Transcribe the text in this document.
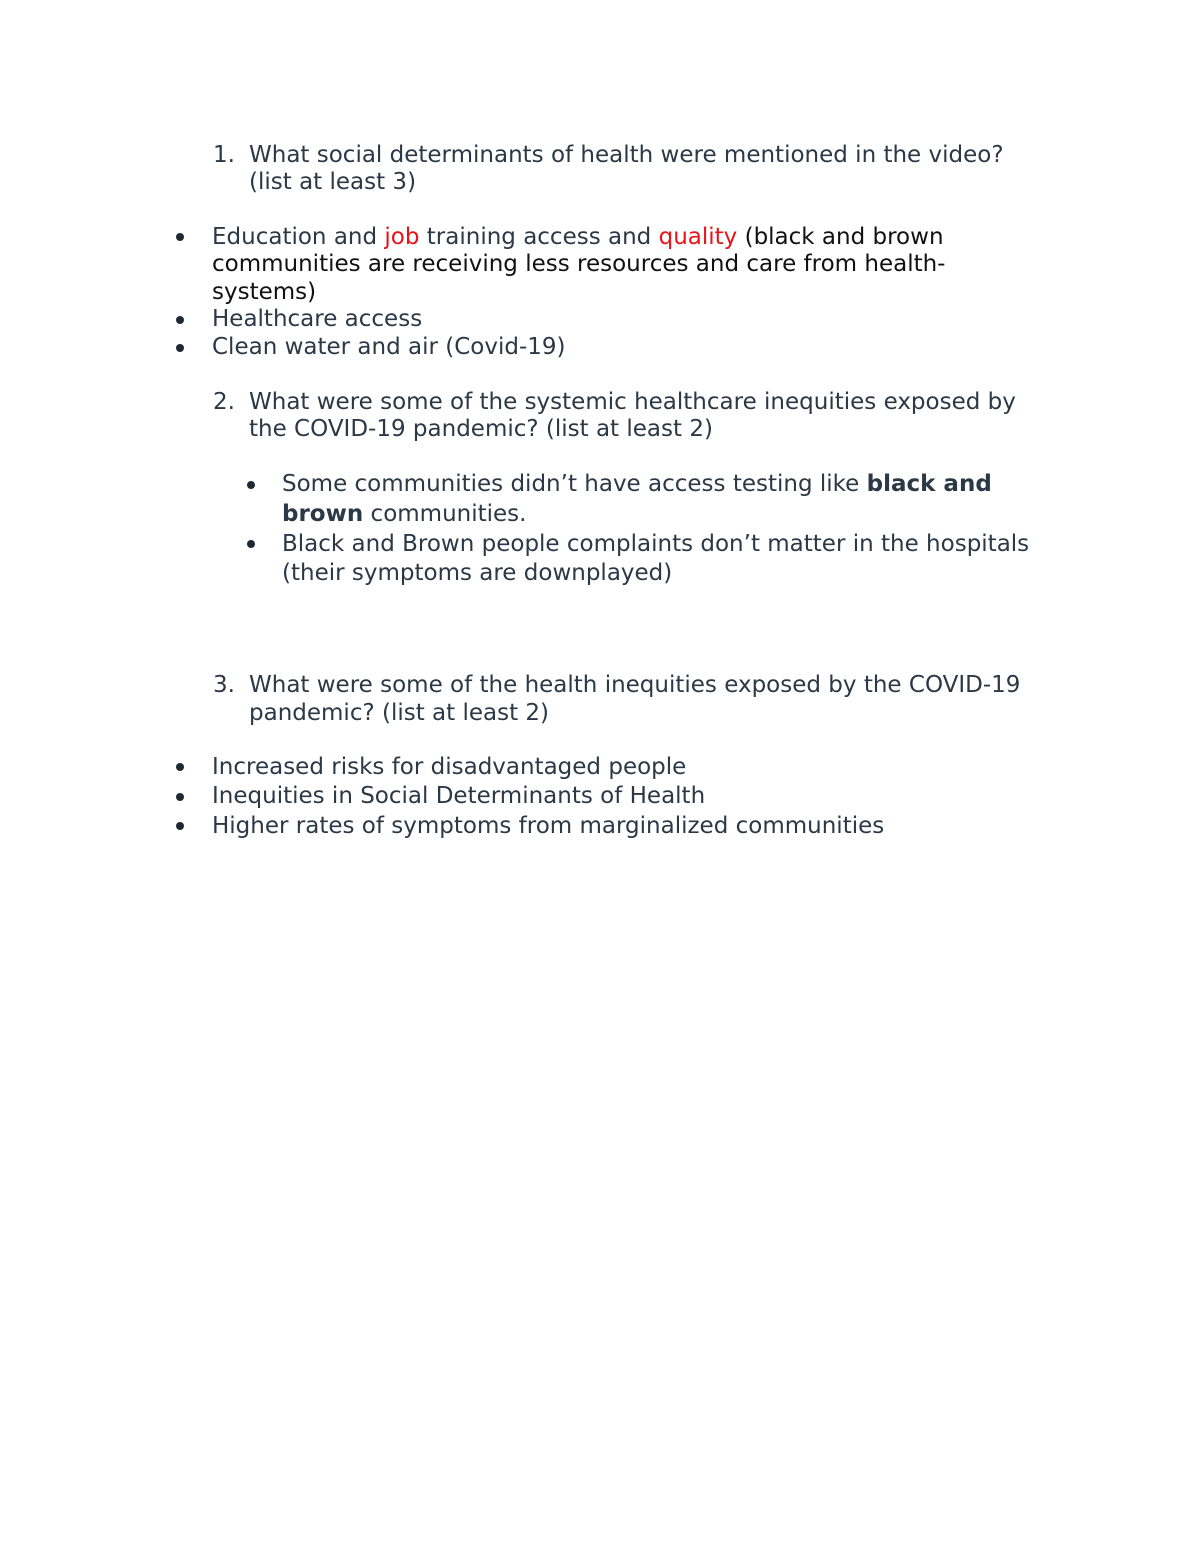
1. What social determinants of health were mentioned in the video?
(list at least 3)
Education and job training access and quality (black and brown
communities are receiving less resources and care from health-
systems)
Healthcare access
Clean water and air (Covid-19)
2. What were some of the systemic healthcare inequities exposed by
the COVID-19 pandemic? (list at least 2)
Some communities didn’t have access testing like black and
brown communities.
Black and Brown people complaints don’t matter in the hospitals
(their symptoms are downplayed)
3. What were some of the health inequities exposed by the COVID-19
pandemic? (list at least 2)
Increased risks for disadvantaged people
Inequities in Social Determinants of Health
Higher rates of symptoms from marginalized communities
